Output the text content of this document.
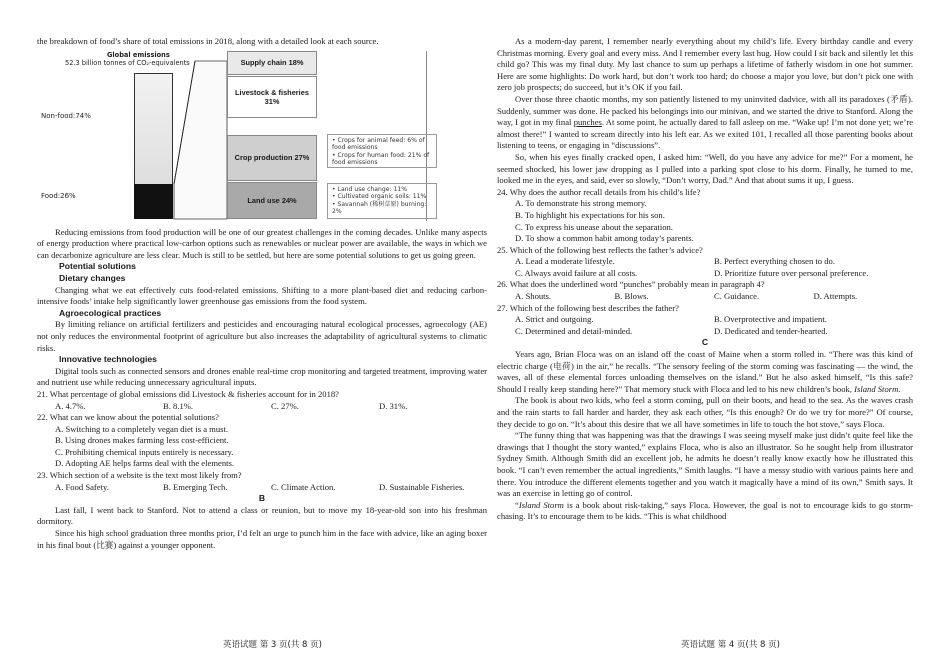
the breakdown of food’s share of total emissions in 2018, along with a detailed look at each source.

Global emissions
52.3 billion tonnes of CO₂-equivalents
Non-food:74%
Food:26%
Supply chain 18%
Livestock & fisheries
31%
Crop production 27%
Land use 24%
• Crops for animal feed: 6% of food emissions
• Crops for human food: 21% of food emissions
• Land use change: 11%
• Cultivated organic soils: 11%
• Savannah (稀树草原) burning: 2%

Reducing emissions from food production will be one of our greatest challenges in the coming decades. Unlike many aspects of energy production where practical low-carbon options such as renewables or nuclear power are available, the ways in which we can decarbonize agriculture are less clear. Much is still to be settled, but here are some potential solutions to get us going green.

Potential solutions
Dietary changes

Changing what we eat effectively cuts food-related emissions. Shifting to a more plant-based diet and reducing carbon-intensive foods’ intake help significantly lower greenhouse gas emissions from the food system.

Agroecological practices

By limiting reliance on artificial fertilizers and pesticides and encouraging natural ecological processes, agroecology (AE) not only reduces the environmental footprint of agriculture but also increases the adaptability of agricultural systems to climatic risks.

Innovative technologies

Digital tools such as connected sensors and drones enable real-time crop monitoring and targeted treatment, improving water and nutrient use while reducing unnecessary agricultural inputs.

21. What percentage of global emissions did Livestock & fisheries account for in 2018?
A. 4.7%.	B. 8.1%.	C. 27%.	D. 31%.
22. What can we know about the potential solutions?
A. Switching to a completely vegan diet is a must.
B. Using drones makes farming less cost-efficient.
C. Prohibiting chemical inputs entirely is necessary.
D. Adopting AE helps farms deal with the elements.
23. Which section of a website is the text most likely from?
A. Food Safety.	B. Emerging Tech.	C. Climate Action.	D. Sustainable Fisheries.
B

Last fall, I went back to Stanford. Not to attend a class or reunion, but to move my 18-year-old son into his freshman dormitory.

Since his high school graduation three months prior, I’d felt an urge to punch him in the face with advice, like an aging boxer in his final bout (比赛) against a younger opponent.

As a modern-day parent, I remember nearly everything about my child’s life. Every birthday candle and every Christmas morning. Every goal and every miss. And I remember every last hug. How could I sit back and silently let this child go? This was my final duty. My last chance to sum up perhaps a lifetime of fatherly wisdom in one hot summer. Here are some highlights: Do work hard, but don’t work too hard; do choose a major you love, but don’t pick one with zero job prospects; do succeed, but it’s OK if you fail.

Over those three chaotic months, my son patiently listened to my uninvited dadvice, with all its paradoxes (矛盾). Suddenly, summer was done. He packed his belongings into our minivan, and we started the drive to Stanford. Along the way, I got in my final punches. At some point, he actually dared to fall asleep on me. “Wake up! I’m not done yet; we’re almost there!” I wanted to scream directly into his left ear. As we exited 101, I recalled all those parenting books about listening to teens, or engaging in “discussions”.

So, when his eyes finally cracked open, I asked him: “Well, do you have any advice for me?” For a moment, he seemed shocked, his lower jaw dropping as I pulled into a parking spot close to his dorm. Finally, he turned to me, looked me in the eyes, and said, ever so slowly, “Don’t worry, Dad.” And that about sums it up, I guess.

24. Why does the author recall details from his child’s life?
A. To demonstrate his strong memory.
B. To highlight his expectations for his son.
C. To express his unease about the separation.
D. To show a common habit among today’s parents.
25. Which of the following best reflects the father’s advice?
A. Lead a moderate lifestyle.	B. Perfect everything chosen to do.
C. Always avoid failure at all costs.	D. Prioritize future over personal preference.
26. What does the underlined word “punches” probably mean in paragraph 4?
A. Shouts.	B. Blows.	C. Guidance.	D. Attempts.
27. Which of the following best describes the father?
A. Strict and outgoing.	B. Overprotective and impatient.
C. Determined and detail-minded.	D. Dedicated and tender-hearted.
C

Years ago, Brian Floca was on an island off the coast of Maine when a storm rolled in. “There was this kind of electric charge (电荷) in the air,” he recalls. “The sensory feeling of the storm coming was fascinating — the wind, the waves, all of these elemental forces unloading themselves on the island.” But he also asked himself, “Is this safe? Should I really keep standing here?” That memory stuck with Floca and led to his new children’s book, Island Storm.

The book is about two kids, who feel a storm coming, pull on their boots, and head to the sea. As the waves crash and the rain starts to fall harder and harder, they ask each other, “Is this enough? Or do we try for more?” Of course, they decide to go on. “It’s about this desire that we all have sometimes in life to touch the hot stove,” says Floca.

“The funny thing that was happening was that the drawings I was seeing myself make just didn’t quite feel like the drawings that I thought the story wanted,” explains Floca, who is also an illustrator. So he sought help from illustrator Sydney Smith. Although Smith did an excellent job, he admits he doesn’t really know exactly how he illustrated this book. “I can’t even remember the actual ingredients,” Smith laughs. “I have a messy studio with various paints here and there. You introduce the different elements together and you watch it magically have a mind of its own,” Smith says. It was an exercise in letting go of control.

“Island Storm is a book about risk-taking,” says Floca. However, the goal is not to encourage kids to go storm-chasing. It’s to encourage them to be kids. “This is what childhood

英语试题 第 3 页(共 8 页)	英语试题 第 4 页(共 8 页)
